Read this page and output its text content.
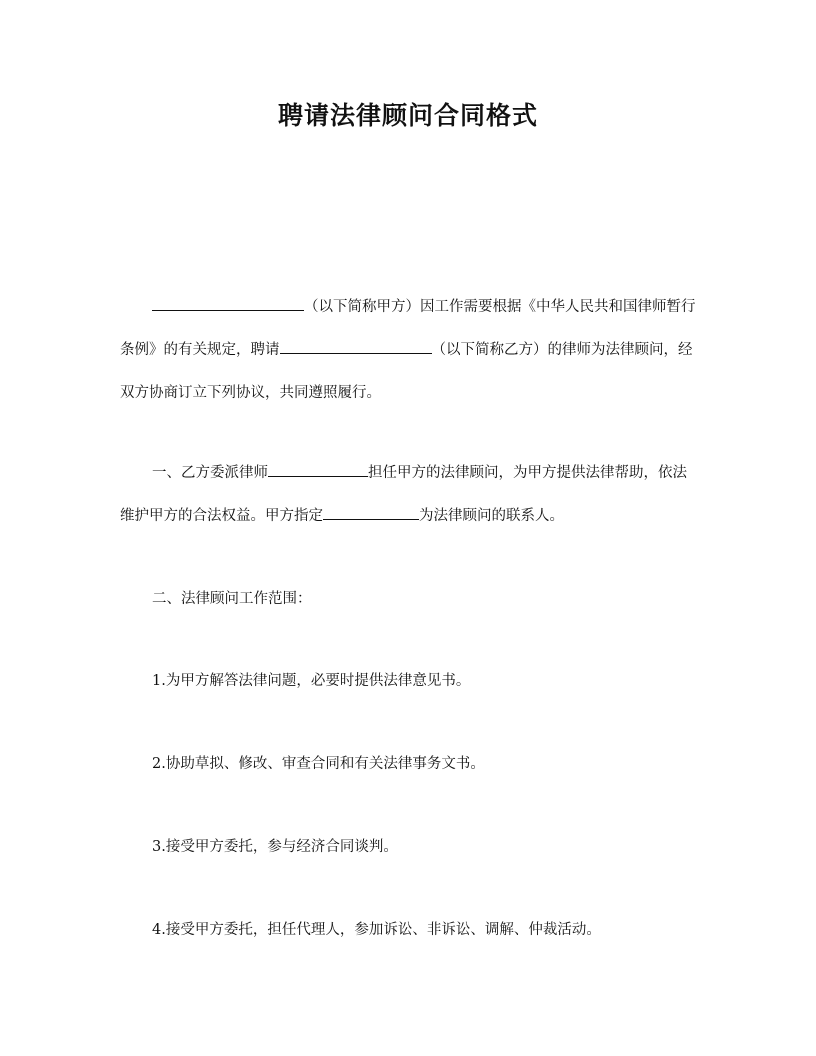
聘请法律顾问合同格式

（以下简称甲方）因工作需要根据《中华人民共和国律师暂行条例》的有关规定，聘请	（以下简称乙方）的律师为法律顾问，经双方协商订立下列协议，共同遵照履行。

一、乙方委派律师	担任甲方的法律顾问，为甲方提供法律帮助，依法维护甲方的合法权益。甲方指定	为法律顾问的联系人。

二、法律顾问工作范围：

1.为甲方解答法律问题，必要时提供法律意见书。

2.协助草拟、修改、审查合同和有关法律事务文书。

3.接受甲方委托，参与经济合同谈判。

4.接受甲方委托，担任代理人，参加诉讼、非诉讼、调解、仲裁活动。
